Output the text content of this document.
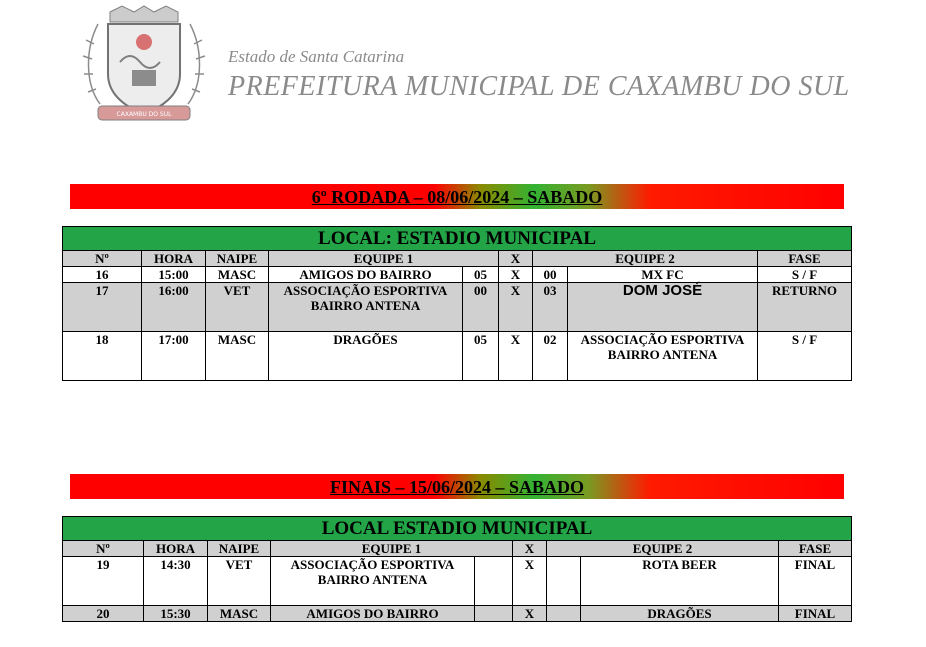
CAXAMBU DO SUL
Estado de Santa Catarina
PREFEITURA MUNICIPAL DE CAXAMBU DO SUL
6º RODADA – 08/06/2024 – SABADO
LOCAL: ESTADIO MUNICIPAL								
Nº	HORA	NAIPE	EQUIPE 1		X	EQUIPE 2		FASE
16	15:00	MASC	AMIGOS DO BAIRRO	05	X	00	MX FC	S / F
17	16:00	VET	ASSOCIAÇÃO ESPORTIVA BAIRRO ANTENA	00	X	03	DOM JOSÉ	RETURNO
18	17:00	MASC	DRAGÕES	05	X	02	ASSOCIAÇÃO ESPORTIVA BAIRRO ANTENA	S / F
FINAIS – 15/06/2024 – SABADO
LOCAL ESTADIO MUNICIPAL								
Nº	HORA	NAIPE	EQUIPE 1		X	EQUIPE 2		FASE
19	14:30	VET	ASSOCIAÇÃO ESPORTIVA BAIRRO ANTENA		X		ROTA BEER	FINAL
20	15:30	MASC	AMIGOS DO BAIRRO		X		DRAGÕES	FINAL
